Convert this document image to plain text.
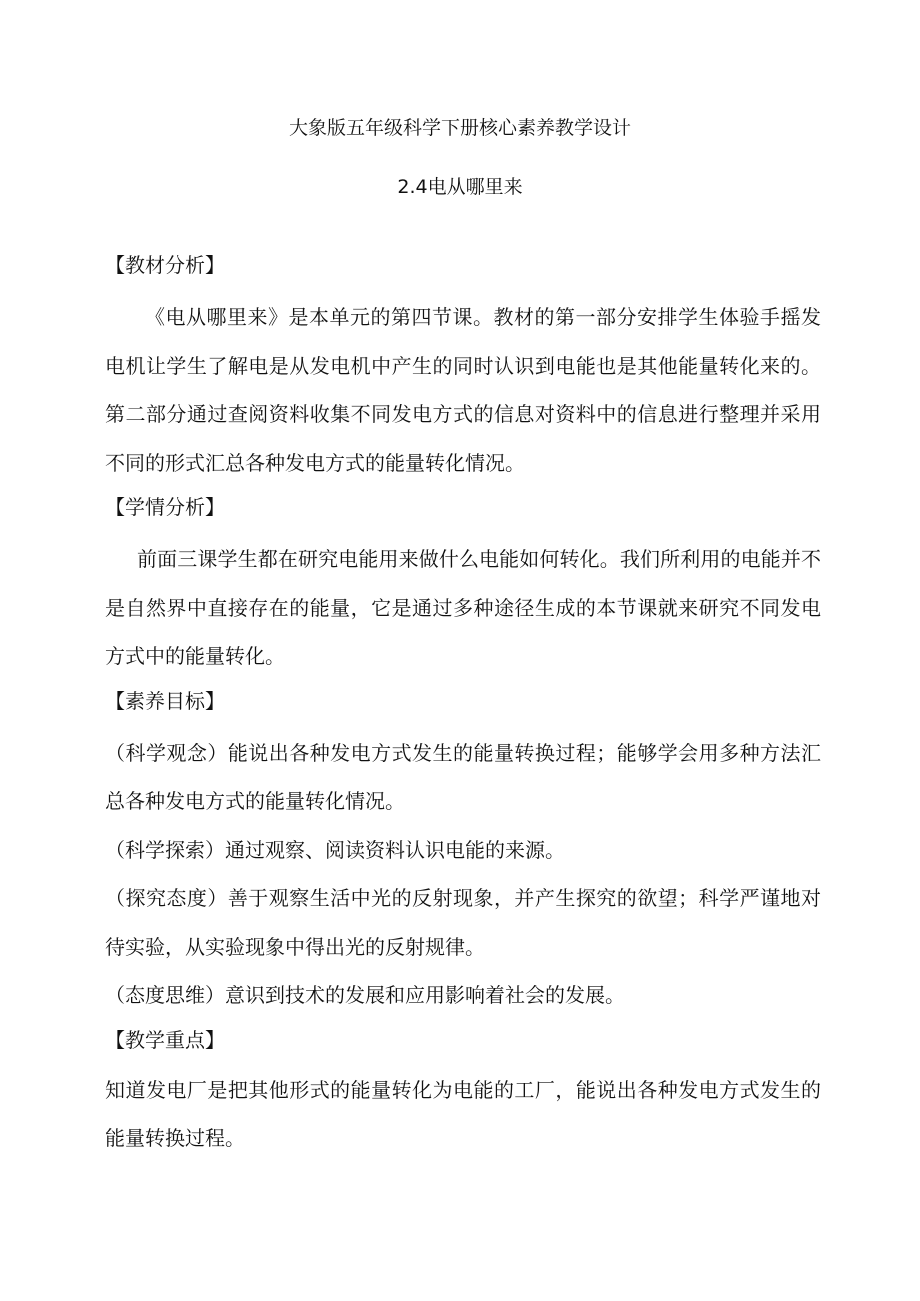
大象版五年级科学下册核心素养教学设计
2.4电从哪里来
【教材分析】

《电从哪里来》是本单元的第四节课。教材的第一部分安排学生体验手摇发电机让学生了解电是从发电机中产生的同时认识到电能也是其他能量转化来的。第二部分通过查阅资料收集不同发电方式的信息对资料中的信息进行整理并采用不同的形式汇总各种发电方式的能量转化情况。

【学情分析】

前面三课学生都在研究电能用来做什么电能如何转化。我们所利用的电能并不是自然界中直接存在的能量，它是通过多种途径生成的本节课就来研究不同发电方式中的能量转化。

【素养目标】

（科学观念）能说出各种发电方式发生的能量转换过程；能够学会用多种方法汇总各种发电方式的能量转化情况。

（科学探索）通过观察、阅读资料认识电能的来源。

（探究态度）善于观察生活中光的反射现象，并产生探究的欲望；科学严谨地对待实验，从实验现象中得出光的反射规律。

（态度思维）意识到技术的发展和应用影响着社会的发展。

【教学重点】

知道发电厂是把其他形式的能量转化为电能的工厂，能说出各种发电方式发生的能量转换过程。
